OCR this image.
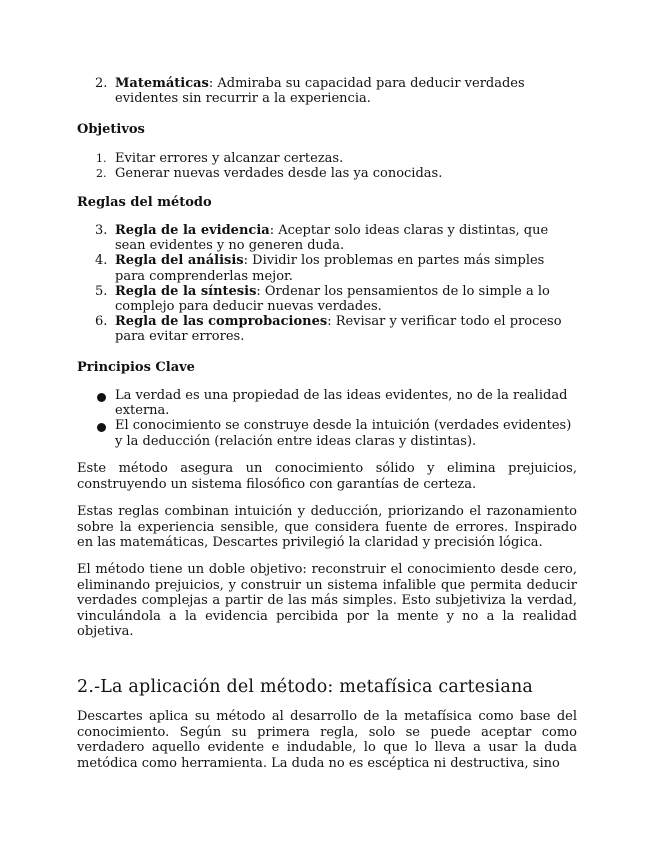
2. Matemáticas: Admiraba su capacidad para deducir verdades evidentes sin recurrir a la experiencia.
Objetivos
1. Evitar errores y alcanzar certezas.
2. Generar nuevas verdades desde las ya conocidas.
Reglas del método
3. Regla de la evidencia: Aceptar solo ideas claras y distintas, que sean evidentes y no generen duda.
4. Regla del análisis: Dividir los problemas en partes más simples para comprenderlas mejor.
5. Regla de la síntesis: Ordenar los pensamientos de lo simple a lo complejo para deducir nuevas verdades.
6. Regla de las comprobaciones: Revisar y verificar todo el proceso para evitar errores.
Principios Clave
La verdad es una propiedad de las ideas evidentes, no de la realidad externa.
El conocimiento se construye desde la intuición (verdades evidentes) y la deducción (relación entre ideas claras y distintas).

Este método asegura un conocimiento sólido y elimina prejuicios, construyendo un sistema filosófico con garantías de certeza.

Estas reglas combinan intuición y deducción, priorizando el razonamiento sobre la experiencia sensible, que considera fuente de errores. Inspirado en las matemáticas, Descartes privilegió la claridad y precisión lógica.

El método tiene un doble objetivo: reconstruir el conocimiento desde cero, eliminando prejuicios, y construir un sistema infalible que permita deducir verdades complejas a partir de las más simples. Esto subjetiviza la verdad, vinculándola a la evidencia percibida por la mente y no a la realidad objetiva.

2.-La aplicación del método: metafísica cartesiana

Descartes aplica su método al desarrollo de la metafísica como base del conocimiento. Según su primera regla, solo se puede aceptar como verdadero aquello evidente e indudable, lo que lo lleva a usar la duda metódica como herramienta. La duda no es escéptica ni destructiva, sino
